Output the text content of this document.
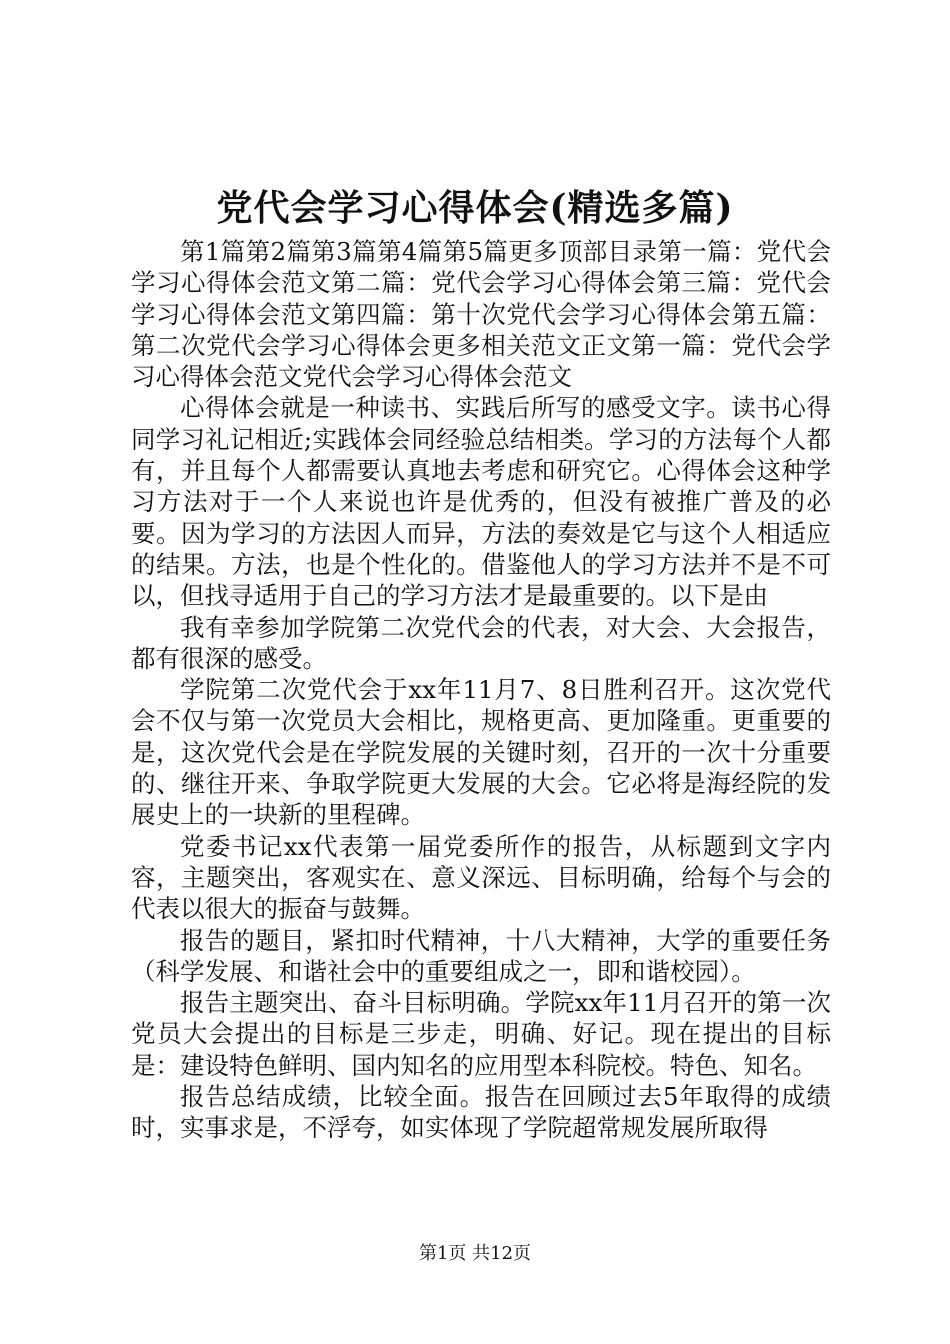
党代会学习心得体会(精选多篇)

第1篇第2篇第3篇第4篇第5篇更多顶部目录第一篇：党代会学习心得体会范文第二篇：党代会学习心得体会第三篇：党代会学习心得体会范文第四篇：第十次党代会学习心得体会第五篇：第二次党代会学习心得体会更多相关范文正文第一篇：党代会学习心得体会范文党代会学习心得体会范文

心得体会就是一种读书、实践后所写的感受文字。读书心得同学习礼记相近;实践体会同经验总结相类。学习的方法每个人都有，并且每个人都需要认真地去考虑和研究它。心得体会这种学习方法对于一个人来说也许是优秀的，但没有被推广普及的必要。因为学习的方法因人而异，方法的奏效是它与这个人相适应的结果。方法，也是个性化的。借鉴他人的学习方法并不是不可以，但找寻适用于自己的学习方法才是最重要的。以下是由

我有幸参加学院第二次党代会的代表，对大会、大会报告，都有很深的感受。

学院第二次党代会于xx年11月7、8日胜利召开。这次党代会不仅与第一次党员大会相比，规格更高、更加隆重。更重要的是，这次党代会是在学院发展的关键时刻，召开的一次十分重要的、继往开来、争取学院更大发展的大会。它必将是海经院的发展史上的一块新的里程碑。

党委书记xx代表第一届党委所作的报告，从标题到文字内容，主题突出，客观实在、意义深远、目标明确，给每个与会的代表以很大的振奋与鼓舞。

报告的题目，紧扣时代精神，十八大精神，大学的重要任务（科学发展、和谐社会中的重要组成之一，即和谐校园）。

报告主题突出、奋斗目标明确。学院xx年11月召开的第一次党员大会提出的目标是三步走，明确、好记。现在提出的目标是：建设特色鲜明、国内知名的应用型本科院校。特色、知名。

报告总结成绩，比较全面。报告在回顾过去5年取得的成绩时，实事求是，不浮夸，如实体现了学院超常规发展所取得

第1页 共12页
